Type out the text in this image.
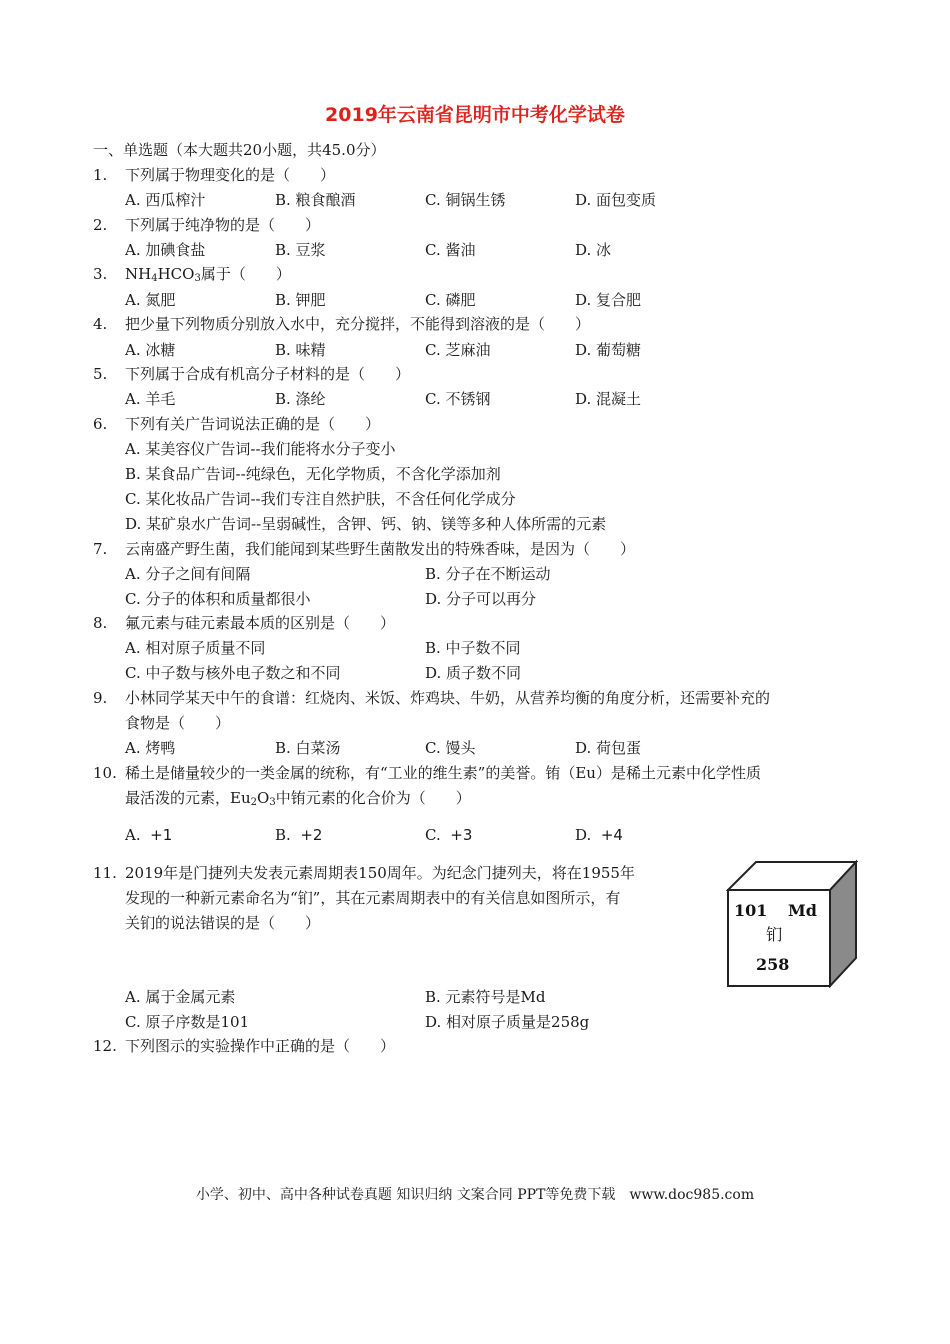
2019年云南省昆明市中考化学试卷
一、单选题（本大题共20小题，共45.0分）
1. 下列属于物理变化的是（　　）
A. 西瓜榨汁	B. 粮食酿酒	C. 铜锅生锈	D. 面包变质
2. 下列属于纯净物的是（　　）
A. 加碘食盐	B. 豆浆	C. 酱油	D. 冰
3. $NH_4HCO_3$属于（　　）
A. 氮肥	B. 钾肥	C. 磷肥	D. 复合肥
4. 把少量下列物质分别放入水中，充分搅拌，不能得到溶液的是（　　）
A. 冰糖	B. 味精	C. 芝麻油	D. 葡萄糖
5. 下列属于合成有机高分子材料的是（　　）
A. 羊毛	B. 涤纶	C. 不锈钢	D. 混凝土
6. 下列有关广告词说法正确的是（　　）
A. 某美容仪广告词--我们能将水分子变小
B. 某食品广告词--纯绿色，无化学物质，不含化学添加剂
C. 某化妆品广告词--我们专注自然护肤，不含任何化学成分
D. 某矿泉水广告词--呈弱碱性，含钾、钙、钠、镁等多种人体所需的元素
7. 云南盛产野生菌，我们能闻到某些野生菌散发出的特殊香味，是因为（　　）
A. 分子之间有间隔	B. 分子在不断运动
C. 分子的体积和质量都很小	D. 分子可以再分
8. 氟元素与硅元素最本质的区别是（　　）
A. 相对原子质量不同	B. 中子数不同
C. 中子数与核外电子数之和不同	D. 质子数不同
9. 小林同学某天中午的食谱：红烧肉、米饭、炸鸡块、牛奶，从营养均衡的角度分析，还需要补充的
食物是（　　）
A. 烤鸭	B. 白菜汤	C. 馒头	D. 荷包蛋
10. 稀土是储量较少的一类金属的统称，有“工业的维生素”的美誉。铕（Eu）是稀土元素中化学性质
最活泼的元素，$Eu_2O_3$中铕元素的化合价为（　　）
A. +1	B. +2	C. +3	D. +4
11. 2019年是门捷列夫发表元素周期表150周年。为纪念门捷列夫，将在1955年
发现的一种新元素命名为“钔”，其在元素周期表中的有关信息如图所示，有
关钔的说法错误的是（　　）
101 Md
钔
258
A. 属于金属元素	B. 元素符号是Md
C. 原子序数是101	D. 相对原子质量是258g
12. 下列图示的实验操作中正确的是（　　）
小学、初中、高中各种试卷真题 知识归纳 文案合同 PPT等免费下载　www.doc985.com
